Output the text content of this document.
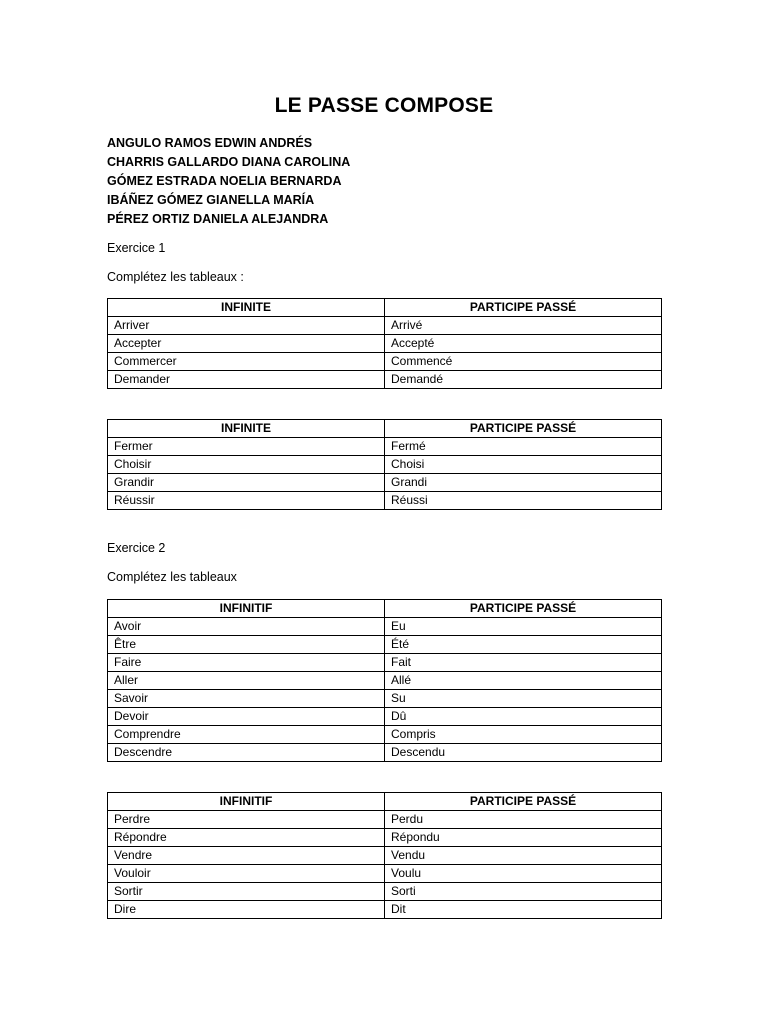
LE PASSE COMPOSE
ANGULO RAMOS EDWIN ANDRÉS
CHARRIS GALLARDO DIANA CAROLINA
GÓMEZ ESTRADA NOELIA BERNARDA
IBÁÑEZ GÓMEZ GIANELLA MARÍA
PÉREZ ORTIZ DANIELA ALEJANDRA
Exercice 1
Complétez les tableaux :
INFINITE	PARTICIPE PASSÉ
Arriver	Arrivé
Accepter	Accepté
Commercer	Commencé
Demander	Demandé
INFINITE	PARTICIPE PASSÉ
Fermer	Fermé
Choisir	Choisi
Grandir	Grandi
Réussir	Réussi
Exercice 2
Complétez les tableaux
INFINITIF	PARTICIPE PASSÉ
Avoir	Eu
Être	Été
Faire	Fait
Aller	Allé
Savoir	Su
Devoir	Dû
Comprendre	Compris
Descendre	Descendu
INFINITIF	PARTICIPE PASSÉ
Perdre	Perdu
Répondre	Répondu
Vendre	Vendu
Vouloir	Voulu
Sortir	Sorti
Dire	Dit
